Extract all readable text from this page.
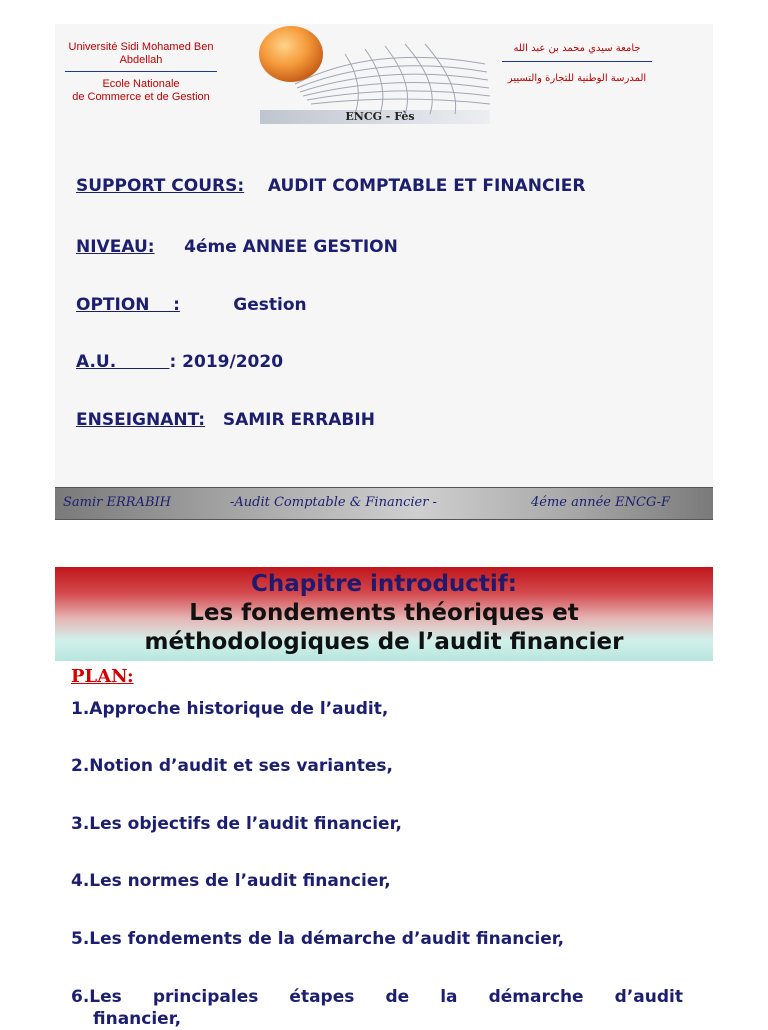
Université Sidi Mohamed Ben
Abdellah
Ecole Nationale
de Commerce et de Gestion
ENCG - Fès
جامعة سيدي محمد بن عبد الله
المدرسة الوطنية للتجارة والتسيير
SUPPORT COURS: AUDIT COMPTABLE ET FINANCIER
NIVEAU: 4éme ANNEE GESTION
OPTION    :	Gestion
A.U.         : 2019/2020
ENSEIGNANT: SAMIR ERRABIH
Samir ERRABIH	-Audit Comptable & Financier -	4éme année ENCG-F
Chapitre introductif:
Les fondements théoriques et
méthodologiques de l’audit financier
PLAN:
1.Approche historique de l’audit,
2.Notion d’audit et ses variantes,
3.Les objectifs de l’audit financier,
4.Les normes de l’audit financier,
5.Les fondements de la démarche d’audit financier,
6.Les principales étapes de la démarche d’audit
financier,
